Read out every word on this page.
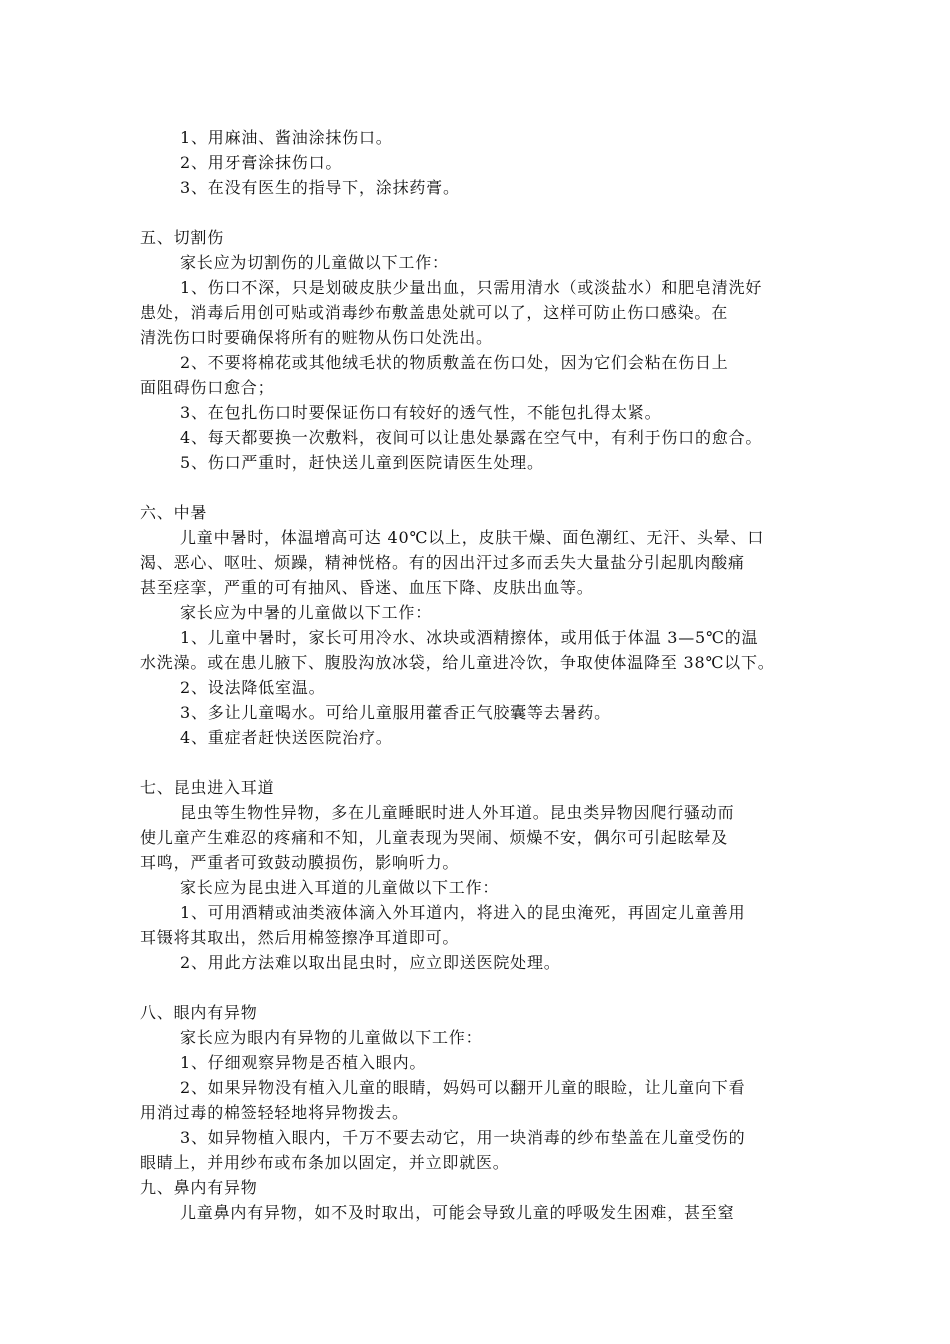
1、用麻油、酱油涂抹伤口。
2、用牙膏涂抹伤口。
3、在没有医生的指导下，涂抹药膏。
五、切割伤
家长应为切割伤的儿童做以下工作：
1、伤口不深，只是划破皮肤少量出血，只需用清水（或淡盐水）和肥皂清洗好
患处，消毒后用创可贴或消毒纱布敷盖患处就可以了，这样可防止伤口感染。在
清洗伤口时要确保将所有的赃物从伤口处洗出。
2、不要将棉花或其他绒毛状的物质敷盖在伤口处，因为它们会粘在伤日上
面阻碍伤口愈合；
3、在包扎伤口时要保证伤口有较好的透气性，不能包扎得太紧。
4、每天都要换一次敷料，夜间可以让患处暴露在空气中，有利于伤口的愈合。
5、伤口严重时，赶快送儿童到医院请医生处理。
六、中暑
儿童中暑时，体温增高可达 40℃以上，皮肤干燥、面色潮红、无汗、头晕、口
渴、恶心、呕吐、烦躁，精神恍格。有的因出汗过多而丢失大量盐分引起肌肉酸痛
甚至痉挛，严重的可有抽风、昏迷、血压下降、皮肤出血等。
家长应为中暑的儿童做以下工作：
1、儿童中暑时，家长可用冷水、冰块或酒精擦体，或用低于体温 3—5℃的温
水洗澡。或在患儿腋下、腹股沟放冰袋，给儿童进冷饮，争取使体温降至 38℃以下。
2、设法降低室温。
3、多让儿童喝水。可给儿童服用藿香正气胶囊等去暑药。
4、重症者赶快送医院治疗。
七、昆虫进入耳道
昆虫等生物性异物，多在儿童睡眠时进人外耳道。昆虫类异物因爬行骚动而
使儿童产生难忍的疼痛和不知，儿童表现为哭闹、烦燥不安，偶尔可引起眩晕及
耳鸣，严重者可致鼓动膜损伤，影响听力。
家长应为昆虫进入耳道的儿童做以下工作：
1、可用酒精或油类液体滴入外耳道内，将进入的昆虫淹死，再固定儿童善用
耳镊将其取出，然后用棉签擦净耳道即可。
2、用此方法难以取出昆虫时，应立即送医院处理。
八、眼内有异物
家长应为眼内有异物的儿童做以下工作：
1、仔细观察异物是否植入眼内。
2、如果异物没有植入儿童的眼睛，妈妈可以翻开儿童的眼睑，让儿童向下看
用消过毒的棉签轻轻地将异物拨去。
3、如异物植入眼内，千万不要去动它，用一块消毒的纱布垫盖在儿童受伤的
眼睛上，并用纱布或布条加以固定，并立即就医。
九、鼻内有异物
儿童鼻内有异物，如不及时取出，可能会导致儿童的呼吸发生困难，甚至窒
